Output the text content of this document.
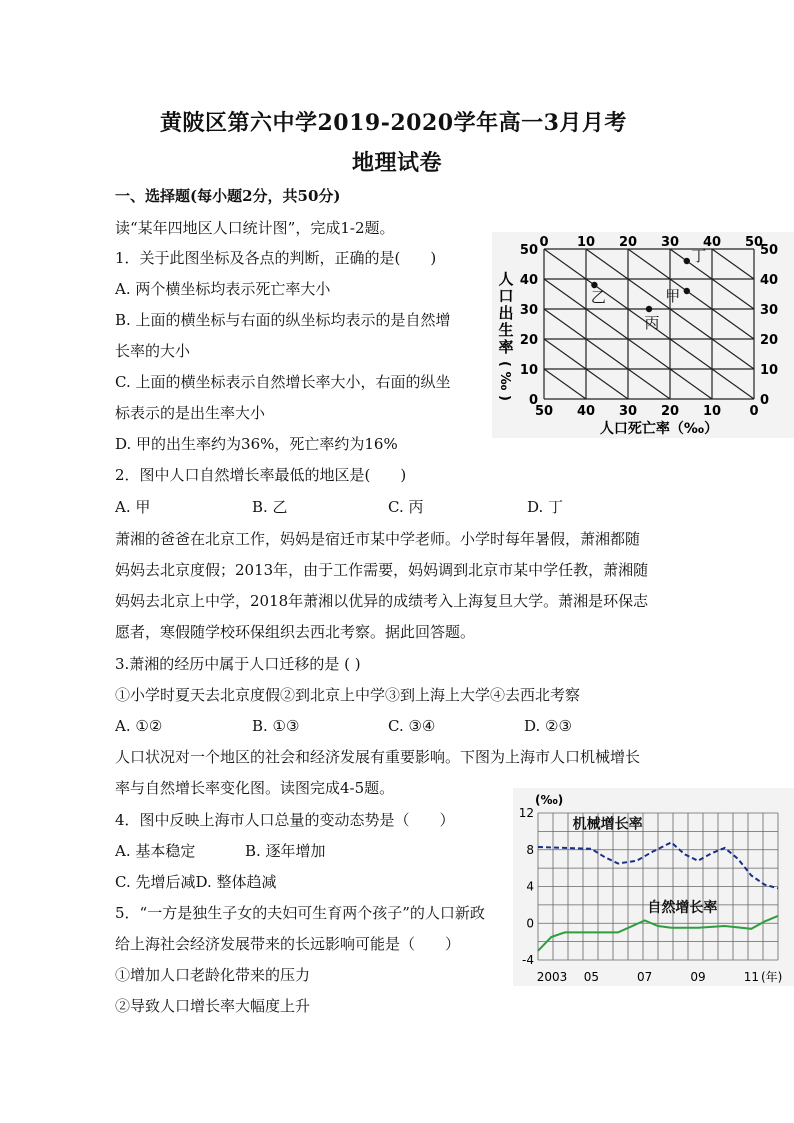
黄陂区第六中学2019-2020学年高一3月月考
地理试卷
一、选择题(每小题2分，共50分)
读“某年四地区人口统计图”，完成1-2题。
1．关于此图坐标及各点的判断，正确的是(　　)
A. 两个横坐标均表示死亡率大小
B. 上面的横坐标与右面的纵坐标均表示的是自然增
长率的大小
C. 上面的横坐标表示自然增长率大小，右面的纵坐
标表示的是出生率大小
D. 甲的出生率约为36%，死亡率约为16%
2．图中人口自然增长率最低的地区是(　　)
A. 甲	B. 乙	C. 丙	D. 丁
萧湘的爸爸在北京工作，妈妈是宿迁市某中学老师。小学时每年暑假，萧湘都随
妈妈去北京度假；2013年，由于工作需要，妈妈调到北京市某中学任教，萧湘随
妈妈去北京上中学，2018年萧湘以优异的成绩考入上海复旦大学。萧湘是环保志
愿者，寒假随学校环保组织去西北考察。据此回答题。
3.萧湘的经历中属于人口迁移的是 ( )
①小学时夏天去北京度假②到北京上中学③到上海上大学④去西北考察
A. ①②	B. ①③	C. ③④	D. ②③
人口状况对一个地区的社会和经济发展有重要影响。下图为上海市人口机械增长
率与自然增长率变化图。读图完成4-5题。
4．图中反映上海市人口总量的变动态势是（　　）
A. 基本稳定	B. 逐年增加
C. 先增后减D. 整体趋减
5．“一方是独生子女的夫妇可生育两个孩子”的人口新政
给上海社会经济发展带来的长远影响可能是（　　）
①增加人口老龄化带来的压力
②导致人口增长率大幅度上升
0 10 20 30 40 50
50 40 30 20 10 0
0	0
10	10
20	20
30	30
40	40
50	50
人口死亡率（‰）
人
口
出
生
率
(
‰
)
甲
乙
丙
丁
(‰)
(年)
12
8
4
0
-4
2003 05	07	09	11
机械增长率
自然增长率
